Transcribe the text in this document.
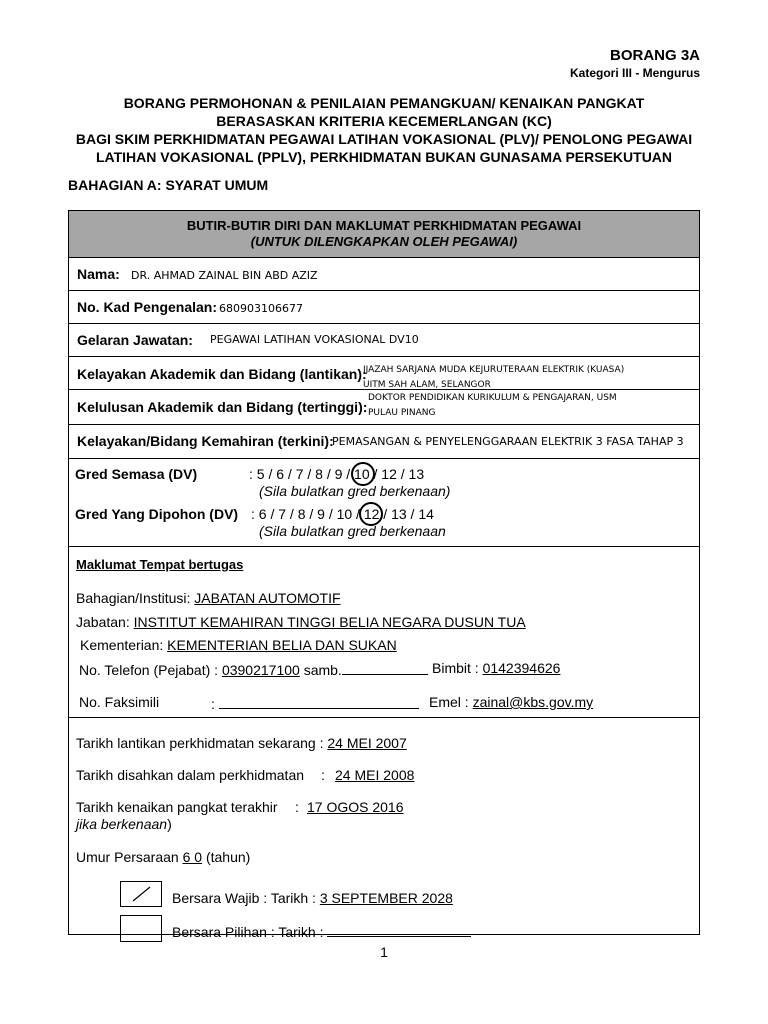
BORANG 3A
Kategori III - Mengurus
BORANG PERMOHONAN & PENILAIAN PEMANGKUAN/ KENAIKAN PANGKAT
BERASASKAN KRITERIA KECEMERLANGAN (KC)
BAGI SKIM PERKHIDMATAN PEGAWAI LATIHAN VOKASIONAL (PLV)/ PENOLONG PEGAWAI
LATIHAN VOKASIONAL (PPLV), PERKHIDMATAN BUKAN GUNASAMA PERSEKUTUAN
BAHAGIAN A: SYARAT UMUM
BUTIR-BUTIR DIRI DAN MAKLUMAT PERKHIDMATAN PEGAWAI
(UNTUK DILENGKAPKAN OLEH PEGAWAI)
Nama: DR. AHMAD ZAINAL BIN ABD AZIZ
No. Kad Pengenalan: 680903106677
Gelaran Jawatan: PEGAWAI LATIHAN VOKASIONAL DV10
Kelayakan Akademik dan Bidang (lantikan):
IJAZAH SARJANA MUDA KEJURUTERAAN ELEKTRIK (KUASA)
UITM SAH ALAM, SELANGOR
Kelulusan Akademik dan Bidang (tertinggi):
DOKTOR PENDIDIKAN KURIKULUM & PENGAJARAN, USM
PULAU PINANG
Kelayakan/Bidang Kemahiran (terkini):
PEMASANGAN & PENYELENGGARAAN ELEKTRIK 3 FASA TAHAP 3
Gred Semasa (DV)	: 5 / 6 / 7 / 8 / 9 / 10 / 12 / 13
(Sila bulatkan gred berkenaan)
Gred Yang Dipohon (DV) : 6 / 7 / 8 / 9 / 10 / 12 / 13 / 14
(Sila bulatkan gred berkenaan
Maklumat Tempat bertugas
Bahagian/Institusi: JABATAN AUTOMOTIF
Jabatan: INSTITUT KEMAHIRAN TINGGI BELIA NEGARA DUSUN TUA
Kementerian: KEMENTERIAN BELIA DAN SUKAN
No. Telefon (Pejabat) : 0390217100 samb.	Bimbit : 0142394626
No. Faksimili	:	Emel : zainal@kbs.gov.my
Tarikh lantikan perkhidmatan sekarang : 24 MEI 2007
Tarikh disahkan dalam perkhidmatan : 24 MEI 2008
Tarikh kenaikan pangkat terakhir : 17 OGOS 2016
jika berkenaan)
Umur Persaraan 6 0 (tahun)
Bersara Wajib : Tarikh : 3 SEPTEMBER 2028
Bersara Pilihan : Tarikh :
1
